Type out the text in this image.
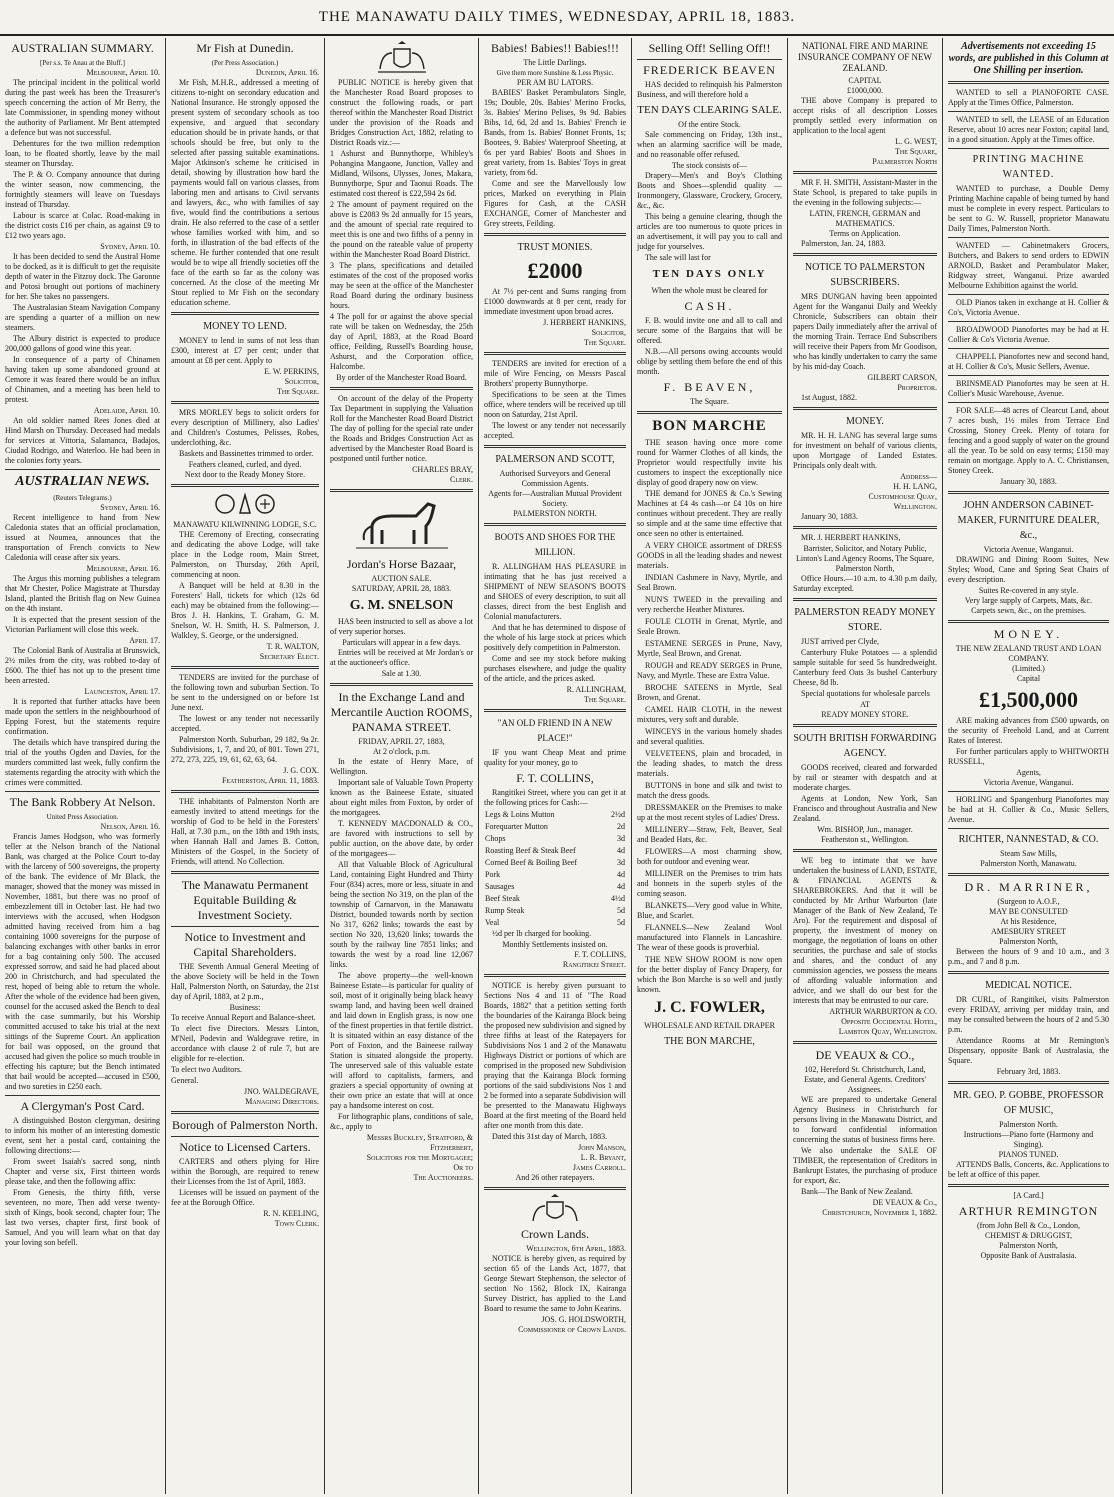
THE MANAWATU DAILY TIMES, WEDNESDAY, APRIL 18, 1883.
AUSTRALIAN SUMMARY.
[Per s.s. Te Anau at the Bluff.]
Melbourne, April 10.

The principal incident in the political world during the past week has been the Treasurer's speech concerning the action of Mr Berry, the late Commissioner, in spending money without the authority of Parliament. Mr Bent attempted a defence but was not successful.

Debentures for the two million redemption loan, to be floated shortly, leave by the mail steamer on Thursday.

The P. & O. Company announce that during the winter season, now commencing, the fortnightly steamers will leave on Tuesdays instead of Thursday.

Labour is scarce at Colac. Road-making in the district costs £16 per chain, as against £9 to £12 two years ago.

Sydney, April 10.

It has been decided to send the Austral Home to be docked, as it is difficult to get the requisite depth of water in the Fitzroy dock. The Garonne and Potosi brought out portions of machinery for her. She takes no passengers.

The Australasian Steam Navigation Company are spending a quarter of a million on new steamers.

The Albury district is expected to produce 200,000 gallons of good wine this year.

In consequence of a party of Chinamen having taken up some abandoned ground at Cemore it was feared there would be an influx of Chinamen, and a meeting has been held to protest.

Adelaide, April 10.

An old soldier named Rees Jones died at Hind Marsh on Thursday. Deceased had medals for services at Vittoria, Salamanca, Badajos, Ciudad Rodrigo, and Waterloo. He had been in the colonies forty years.

AUSTRALIAN NEWS.
(Reuters Telegrams.)
Sydney, April 16.

Recent intelligence to hand from New Caledonia states that an official proclamation, issued at Noumea, announces that the transportation of French convicts to New Caledonia will cease after six years.

Melbourne, April 16.

The Argus this morning publishes a telegram that Mr Chester, Police Magistrate at Thursday Island, planted the British flag on New Guinea on the 4th instant.

It is expected that the present session of the Victorian Parliament will close this week.

April 17.

The Colonial Bank of Australia at Brunswick, 2½ miles from the city, was robbed to-day of £600. The thief has not up to the present time been arrested.

Launceston, April 17.

It is reported that further attacks have been made upon the settlers in the neighbourhood of Epping Forest, but the statements require confirmation.

The details which have transpired during the trial of the youths Ogden and Davies, for the murders committed last week, fully confirm the statements regarding the atrocity with which the crimes were committed.

The Bank Robbery At Nelson.
United Press Association.
Nelson, April 16.

Francis James Hodgson, who was formerly teller at the Nelson branch of the National Bank, was charged at the Police Court to-day with the larceny of 500 sovereigns, the property of the bank. The evidence of Mr Black, the manager, showed that the money was missed in November, 1881, but there was no proof of embezzlement till in October last. He had two interviews with the accused, when Hodgson admitted having received from him a bag containing 1000 sovereigns for the purpose of balancing exchanges with other banks in error for a bag containing only 500. The accused expressed sorrow, and said he had placed about 200 in Christchurch, and had speculated the rest, hoped of being able to return the whole. After the whole of the evidence had been given, counsel for the accused asked the Bench to deal with the case summarily, but his Worship committed accused to take his trial at the next sittings of the Supreme Court. An application for bail was opposed, on the ground that accused had given the police so much trouble in effecting his capture; but the Bench intimated that bail would be accepted—accused in £500, and two sureties in £250 each.

A Clergyman's Post Card.

A distinguished Boston clergyman, desiring to inform his mother of an interesting domestic event, sent her a postal card, containing the following directions:—

From sweet Isaiah's sacred song, ninth Chapter and verse six, First thirteen words please take, and then the following affix:

From Genesis, the thirty fifth, verse seventeen, no more, Then add verse twenty-sixth of Kings, book second, chapter four; The last two verses, chapter first, first book of Samuel, And you will learn what on that day your loving son befell.

Mr Fish at Dunedin.
(Per Press Association.)
Dunedin, April 16.

Mr Fish, M.H.R., addressed a meeting of citizens to-night on secondary education and National Insurance. He strongly opposed the present system of secondary schools as too expensive, and argued that secondary education should be in private hands, or that schools should be free, but only to the selected after passing suitable examinations. Major Atkinson's scheme he criticised in detail, showing by illustration how hard the payments would fall on various classes, from laboring men and artisans to Civil servants and lawyers, &c., who with families of say five, would find the contributions a serious drain. He also referred to the case of a settler whose families worked with him, and so forth, in illustration of the bad effects of the scheme. He further contended that one result would be to wipe all friendly societies off the face of the earth so far as the colony was concerned. At the close of the meeting Mr Stout replied to Mr Fish on the secondary education scheme.

MONEY TO LEND.

MONEY to lend in sums of not less than £300, interest at £7 per cent; under that amount at £8 per cent. Apply to

E. W. PERKINS,
Solicitor,
The Square.

MRS MORLEY begs to solicit orders for every description of Millinery, also Ladies' and Children's Costumes, Pelisses, Robes, underclothing, &c.

Baskets and Bassinettes trimmed to order.

Feathers cleaned, curled, and dyed.
Next door to the Ready Money Store.
MANAWATU KILWINNING LODGE, S.C.

THE Ceremony of Erecting, consecrating and dedicating the above Lodge, will take place in the Lodge room, Main Street, Palmerston, on Thursday, 26th April, commencing at noon.

A Banquet will be held at 8.30 in the Foresters' Hall, tickets for which (12s 6d each) may be obtained from the following:—Bros J. H. Hankins, T. Graham, G. M. Snelson, W. H. Smith, H. S. Palmerson, J. Walkley, S. George, or the undersigned.

T. R. WALTON,
Secretary Elect.

TENDERS are invited for the purchase of the following town and suburban Section. To be sent to the undersigned on or before 1st June next.

The lowest or any tender not necessarily accepted.

Palmerston North. Suburban, 29 182, 9a 2r. Subdivisions, 1, 7, and 20, of 801. Town 271, 272, 273, 225, 19, 61, 62, 63, 64.

J. G. COX.
Featherston, April 11, 1883.

THE inhabitants of Palmerston North are earnestly invited to attend meetings for the worship of God to be held in the Foresters' Hall, at 7.30 p.m., on the 18th and 19th insts, when Hannah Hall and James B. Cotton, Ministers of the Gospel, in the Society of Friends, will attend. No Collection.

The Manawatu Permanent Equitable Building & Investment Society.
Notice to Investment and Capital Shareholders.

THE Seventh Annual General Meeting of the above Society will be held in the Town Hall, Palmerston North, on Saturday, the 21st day of April, 1883, at 2 p.m.,

Business:

To receive Annual Report and Balance-sheet.

To elect five Directors. Messrs Linton, M'Neil, Podevin and Waldegrave retire, in accordance with clause 2 of rule 7, but are eligible for re-election.

To elect two Auditors.

General.

JNO. WALDEGRAVE,
Managing Directors.
Borough of Palmerston North.
Notice to Licensed Carters.

CARTERS and others plying for Hire within the Borough, are required to renew their Licenses from the 1st of April, 1883.

Licenses will be issued on payment of the fee at the Borough Office.

R. N. KEELING,
Town Clerk.

PUBLIC NOTICE is hereby given that the Manchester Road Board proposes to construct the following roads, or part thereof within the Manchester Road District under the provision of the Roads and Bridges Construction Act, 1882, relating to District Roads viz.:—

1 Ashurst and Bunnythorpe, Whibley's Pohangina Mangaone, Junction, Valley and Midland, Wilsons, Ulysses, Jones, Makara, Bunnythorpe, Spur and Taonui Roads. The estimated cost thereof is £22,594 2s 6d.

2 The amount of payment required on the above is £2083 9s 2d annually for 15 years, and the amount of special rate required to meet this is one and two fifths of a penny in the pound on the rateable value of property within the Manchester Road Board District.

3 The plans, specifications and detailed estimates of the cost of the proposed works may be seen at the office of the Manchester Road Board during the ordinary business hours.

4 The poll for or against the above special rate will be taken on Wednesday, the 25th day of April, 1883, at the Road Board office, Feilding, Russell's Boarding house, Ashurst, and the Corporation office, Halcombe.

By order of the Manchester Road Board.

On account of the delay of the Property Tax Department in supplying the Valuation Roll for the Manchester Road Board District The day of polling for the special rate under the Roads and Bridges Construction Act as advertised by the Manchester Road Board is postponed until further notice.

CHARLES BRAY,
Clerk.
Jordan's Horse Bazaar,
AUCTION SALE.
SATURDAY, APRIL 28, 1883.
G. M. SNELSON

HAS been instructed to sell as above a lot of very superior horses.

Particulars will appear in a few days.

Entries will be received at Mr Jordan's or at the auctioneer's office.

Sale at 1.30.
In the Exchange Land and Mercantile Auction ROOMS, PANAMA STREET.
FRIDAY, APRIL 27, 1883,
At 2 o'clock, p.m.

In the estate of Henry Mace, of Wellington.

Important sale of Valuable Town Property known as the Baineese Estate, situated about eight miles from Foxton, by order of the mortgagees.

T. KENNEDY MACDONALD & CO., are favored with instructions to sell by public auction, on the above date, by order of the mortgagees—

All that Valuable Block of Agricultural Land, containing Eight Hundred and Thirty Four (834) acres, more or less, situate in and being the section No 319, on the plan of the township of Carnarvon, in the Manawatu District, bounded towards north by section No 317, 6262 links; towards the east by section No 320, 13,620 links; towards the south by the railway line 7851 links; and towards the west by a road line 12,067 links.

The above property—the well-known Baineese Estate—is particular for quality of soil, most of it originally being black heavy swamp land, and having been well drained and laid down in English grass, is now one of the finest properties in that fertile district. It is situated within an easy distance of the Port of Foxton, and the Baineese railway Station is situated alongside the property. The unreserved sale of this valuable estate will afford to capitalists, farmers, and graziers a special opportunity of owning at their own price an estate that will at once pay a handsome interest on cost.

For lithographic plans, conditions of sale, &c., apply to

Messrs Buckley, Stratford, &
Fitzherbert,
Solicitors for the Mortgagee;
Or to
The Auctioneers.
Babies! Babies!! Babies!!!
The Little Darlings.
Give them more Sunshine & Less Physic.
PER AM BU LATORS.

BABIES' Basket Perambulators Single, 19s; Double, 20s. Babies' Merino Frocks, 3s. Babies' Merino Pelises, 9s 9d. Babies Bibs, 1d, 6d, 2d and 1s. Babies' French ie Bands, from 1s. Babies' Bonnet Fronts, 1s; Bootees, 9. Babies' Waterproof Sheeting, at 6s per yard Babies' Boots and Shoes in great variety, from 1s. Babies' Toys in great variety, from 6d.

Come and see the Marvellously low prices, Marked on everything in Plain Figures for Cash, at the CASH EXCHANGE, Corner of Manchester and Grey streets, Feilding.

TRUST MONIES.
£2000

At 7½ per-cent and Sums ranging from £1000 downwards at 8 per cent, ready for immediate investment upon broad acres.

J. HERBERT HANKINS,
Solicitor,
The Square.

TENDERS are invited for erection of a mile of Wire Fencing, on Messrs Pascal Brothers' property Bunnythorpe.

Specifications to be seen at the Times office, where tenders will be received up till noon on Saturday, 21st April.

The lowest or any tender not necessarily accepted.

PALMERSON AND SCOTT,
Authorised Surveyors and General Commission Agents.
Agents for—Australian Mutual Provident Society.
PALMERSTON NORTH.
BOOTS AND SHOES FOR THE MILLION.

R. ALLINGHAM HAS PLEASURE in intimating that he has just received a SHIPMENT of NEW SEASON'S BOOTS and SHOES of every description, to suit all classes, direct from the best English and Colonial manufacturers.

And that he has determined to dispose of the whole of his large stock at prices which positively defy competition in Palmerston.

Come and see my stock before making purchases elsewhere, and judge the quality of the article, and the prices asked.

R. ALLINGHAM,
The Square.
"AN OLD FRIEND IN A NEW PLACE!"

IF you want Cheap Meat and prime quality for your money, go to

F. T. COLLINS,

Rangitikei Street, where you can get it at the following prices for Cash:—

Legs & Loins Mutton	2½d
Forequarter Mutton	2d
Chops	3d
Roasting Beef & Steak Beef	4d
Corned Beef & Boiling Beef	3d
Pork	4d
Sausages	4d
Beef Steak	4½d
Rump Steak	5d
Veal	5d

½d per lb charged for booking.

Monthly Settlements insisted on.
F. T. COLLINS,
Rangitikei Street.

NOTICE is hereby given pursuant to Sections Nos 4 and 11 of "The Road Boards, 1882" that a petition setting forth the boundaries of the Kairanga Block being the proposed new subdivision and signed by three fifths at least of the Ratepayers for Subdivisions Nos 1 and 2 of the Manawatu Highways District or portions of which are comprised in the proposed new Subdivision praying that the Kairanga Block forming portions of the said subdivisions Nos 1 and 2 be formed into a separate Subdivision will be presented to the Manawatu Highways Board at the first meeting of the Board held after one month from this date.

Dated this 31st day of March, 1883.

John Manson,
L. R. Bryant,
James Carroll.
And 26 other ratepayers.
Crown Lands.
Wellington, 6th April, 1883.

NOTICE is hereby given, as required by section 65 of the Lands Act, 1877, that George Stewart Stephenson, the selector of section No 1562, Block IX, Kairanga Survey District, has applied to the Land Board to resume the same to John Kearins.

JOS. G. HOLDSWORTH,
Commissioner of Crown Lands.
Selling Off! Selling Off!!
FREDERICK BEAVEN

HAS decided to relinquish his Palmerston Business, and will therefore hold a

TEN DAYS CLEARING SALE.
Of the entire Stock.

Sale commencing on Friday, 13th inst., when an alarming sacrifice will be made, and no reasonable offer refused.

The stock consists of—

Drapery—Men's and Boy's Clothing Boots and Shoes—splendid quality —Ironmongery, Glassware, Crockery, Grocery, &c., &c.

This being a genuine clearing, though the articles are too numerous to quote prices in an advertisement, it will pay you to call and judge for yourselves.

The sale will last for

TEN DAYS ONLY
When the whole must be cleared for
CASH.

F. B. would invite one and all to call and secure some of the Bargains that will be offered.

N.B.—All persons owing accounts would oblige by settling them before the end of this month.

F. BEAVEN,
The Square.
BON MARCHE

THE season having once more come round for Warmer Clothes of all kinds, the Proprietor would respectfully invite his customers to inspect the exceptionally nice display of good drapery now on view.

THE demand for JONES & Co.'s Sewing Machines at £4 4s cash—or £4 10s on hire continues without precedent. They are really so simple and at the same time effective that once seen no other is entertained.

A VERY CHOICE assortment of DRESS GOODS in all the leading shades and newest materials.

INDIAN Cashmere in Navy, Myrtle, and Seal Brown.

NUN'S TWEED in the prevailing and very recherche Heather Mixtures.

FOULE CLOTH in Grenat, Myrtle, and Seale Brown.

ESTAMENE SERGES in Prune, Navy, Myrtle, Seal Brown, and Grenat.

ROUGH and READY SERGES in Prune, Navy, and Myrtle. These are Extra Value.

BROCHE SATEENS in Myrtle, Seal Brown, and Grenat.

CAMEL HAIR CLOTH, in the newest mixtures, very soft and durable.

WINCEYS in the various homely shades and several qualities.

VELVETEENS, plain and brocaded, in the leading shades, to match the dress materials.

BUTTONS in bone and silk and twist to match the dress goods.

DRESSMAKER on the Premises to make up at the most recent styles of Ladies' Dress.

MILLINERY—Straw, Felt, Beaver, Seal and Beaded Hats, &c.

FLOWERS—A most charming show, both for outdoor and evening wear.

MILLINER on the Premises to trim hats and bonnets in the superb styles of the coming season.

BLANKETS—Very good value in White, Blue, and Scarlet.

FLANNELS—New Zealand Wool manufactured into Flannels in Lancashire. The wear of these goods is proverbial.

THE NEW SHOW ROOM is now open for the better display of Fancy Drapery, for which the Bon Marche is so well and justly known.

J. C. FOWLER,
WHOLESALE AND RETAIL DRAPER
THE BON MARCHE,
NATIONAL FIRE AND MARINE INSURANCE COMPANY OF NEW ZEALAND.
CAPITAL
£1000,000.

THE above Company is prepared to accept risks of all description Losses promptly settled every information on application to the local agent

L. G. WEST,
The Square,
Palmerston North

MR F. H. SMITH, Assistant-Master in the State School, is prepared to take pupils in the evening in the following subjects:—

LATIN, FRENCH, GERMAN and MATHEMATICS.
Terms on Application.

Palmerston, Jan. 24, 1883.

NOTICE TO PALMERSTON SUBSCRIBERS.

MRS DUNGAN having been appointed Agent for the Wanganui Daily and Weekly Chronicle, Subscribers can obtain their papers Daily immediately after the arrival of the morning Train. Terrace End Subscribers will receive their Papers from Mr Goodison, who has kindly undertaken to carry the same by his mid-day Coach.

GILBERT CARSON,
Proprietor.

1st August, 1882.

MONEY.

MR. H. H. LANG has several large sums for investment on behalf of various clients, upon Mortgage of Landed Estates. Principals only dealt with.

Address—
H. H. LANG,
Customhouse Quay,
Wellington.

January 30, 1883.

MR. J. HERBERT HANKINS,

Barrister, Solicitor, and Notary Public,
Linton's Land Agency Rooms, The Square, Palmerston North,

Office Hours.—10 a.m. to 4.30 p.m daily, Saturday excepted.

PALMERSTON READY MONEY STORE.

JUST arrived per Clyde,

Canterbury Fluke Potatoes — a splendid sample suitable for seed 5s hundredweight. Canterbury feed Oats 3s bushel Canterbury Cheese, 8d lb.

Special quotations for wholesale parcels

AT
READY MONEY STORE.
SOUTH BRITISH FORWARDING AGENCY.

GOODS received, cleared and forwarded by rail or steamer with despatch and at moderate charges.

Agents at London, New York, San Francisco and throughout Australia and New Zealand.

Wm. BISHOP, Jun., manager.
Featherston st., Wellington.

WE beg to intimate that we have undertaken the business of LAND, ESTATE, & FINANCIAL AGENTS & SHAREBROKERS. And that it will be conducted by Mr Arthur Warburton (late Manager of the Bank of New Zealand, Te Aro). For the requirement and disposal of property, the investment of money on mortgage, the negotiation of loans on other securities, the purchase and sale of stocks and shares, and the conduct of any commission agencies, we possess the means of affording valuable information and advice, and we shall do our best for the interests that may be entrusted to our care.

ARTHUR WARBURTON & CO.
Opposite Occidental Hotel,
Lambton Quay, Wellington.
DE VEAUX & CO.,
102, Hereford St. Christchurch, Land, Estate, and General Agents. Creditors' Assignees.

WE are prepared to undertake General Agency Business in Christchurch for persons living in the Manawatu District, and to forward confidential information concerning the status of business firms here.

We also undertake the SALE OF TIMBER, the representation of Creditors in Bankrupt Estates, the purchasing of produce for export, &c.

Bank—The Bank of New Zealand.

DE VEAUX & Co.,
Christchurch, November 1, 1882.
Advertisements not exceeding 15 words, are published in this Column at One Shilling per insertion.

WANTED to sell a PIANOFORTE CASE. Apply at the Times Office, Palmerston.

WANTED to sell, the LEASE of an Education Reserve, about 10 acres near Foxton; capital land, in a good situation. Apply at the Times office.

PRINTING MACHINE WANTED.

WANTED to purchase, a Double Demy Printing Machine capable of being turned by hand must be complete in every respect. Particulars to be sent to G. W. Russell, proprietor Manawatu Daily Times, Palmerston North.

WANTED — Cabinetmakers Grocers, Butchers, and Bakers to send orders to EDWIN ARNOLD, Basket and Perambulator Maker, Ridgway street, Wanganui. Prize awarded Melbourne Exhibition against the world.

OLD Pianos taken in exchange at H. Collier & Co's, Victoria Avenue.

BROADWOOD Pianofortes may be had at H. Collier & Co's Victoria Avenue.

CHAPPELL Pianofortes new and second hand, at H. Collier & Co's, Music Sellers, Avenue.

BRINSMEAD Pianofortes may be seen at H. Collier's Music Warehouse, Avenue.

FOR SALE—48 acres of Clearcut Land, about 7 acres bush, 1½ miles from Terrace End Crossing, Stoney Creek. Plenty of totara for fencing and a good supply of water on the ground all the year. To be sold on easy terms; £150 may remain on mortgage. Apply to A. C. Christiansen, Stoney Creek.

January 30, 1883.
JOHN ANDERSON CABINET-MAKER, FURNITURE DEALER, &c.,
Victoria Avenue, Wanganui.

DRAWING and Dining Room Suites, New Styles; Wood, Cane and Spring Seat Chairs of every description.

Suites Re-covered in any style.
Very large supply of Carpets, Mats, &c.
Carpets sewn, &c., on the premises.
MONEY.
THE NEW ZEALAND TRUST AND LOAN COMPANY.
(Limited.)
Capital
£1,500,000

ARE making advances from £500 upwards, on the security of Freehold Land, and at Current Rates of Interest.

For further particulars apply to WHITWORTH RUSSELL,

Agents,
Victoria Avenue, Wanganui.

HORLING and Spangenburg Pianofortes may be had at H. Collier & Co., Music Sellers, Avenue.

RICHTER, NANNESTAD, & CO.
Steam Saw Mills,
Palmerston North, Manawatu.
DR. MARRINER,
(Surgeon to A.O.F.,
MAY BE CONSULTED
At his Residence,
AMESBURY STREET
Palmerston North,

Between the hours of 9 and 10 a.m., and 3 p.m., and 7 and 8 p.m.

MEDICAL NOTICE.

DR CURL, of Rangitikei, visits Palmerston every FRIDAY, arriving per midday train, and may be consulted between the hours of 2 and 5.30 p.m.

Attendance Rooms at Mr Remington's Dispensary, opposite Bank of Australasia, the Square.

February 3rd, 1883.
MR. GEO. P. GOBBE, PROFESSOR OF MUSIC,
Palmerston North.
Instructions—Piano forte (Harmony and Singing).
PIANOS TUNED.

ATTENDS Balls, Concerts, &c. Applications to be left at office of this paper.

[A Card.]
ARTHUR REMINGTON
(from John Bell & Co., London,
CHEMIST & DRUGGIST,
Palmerston North,
Opposite Bank of Australasia.
